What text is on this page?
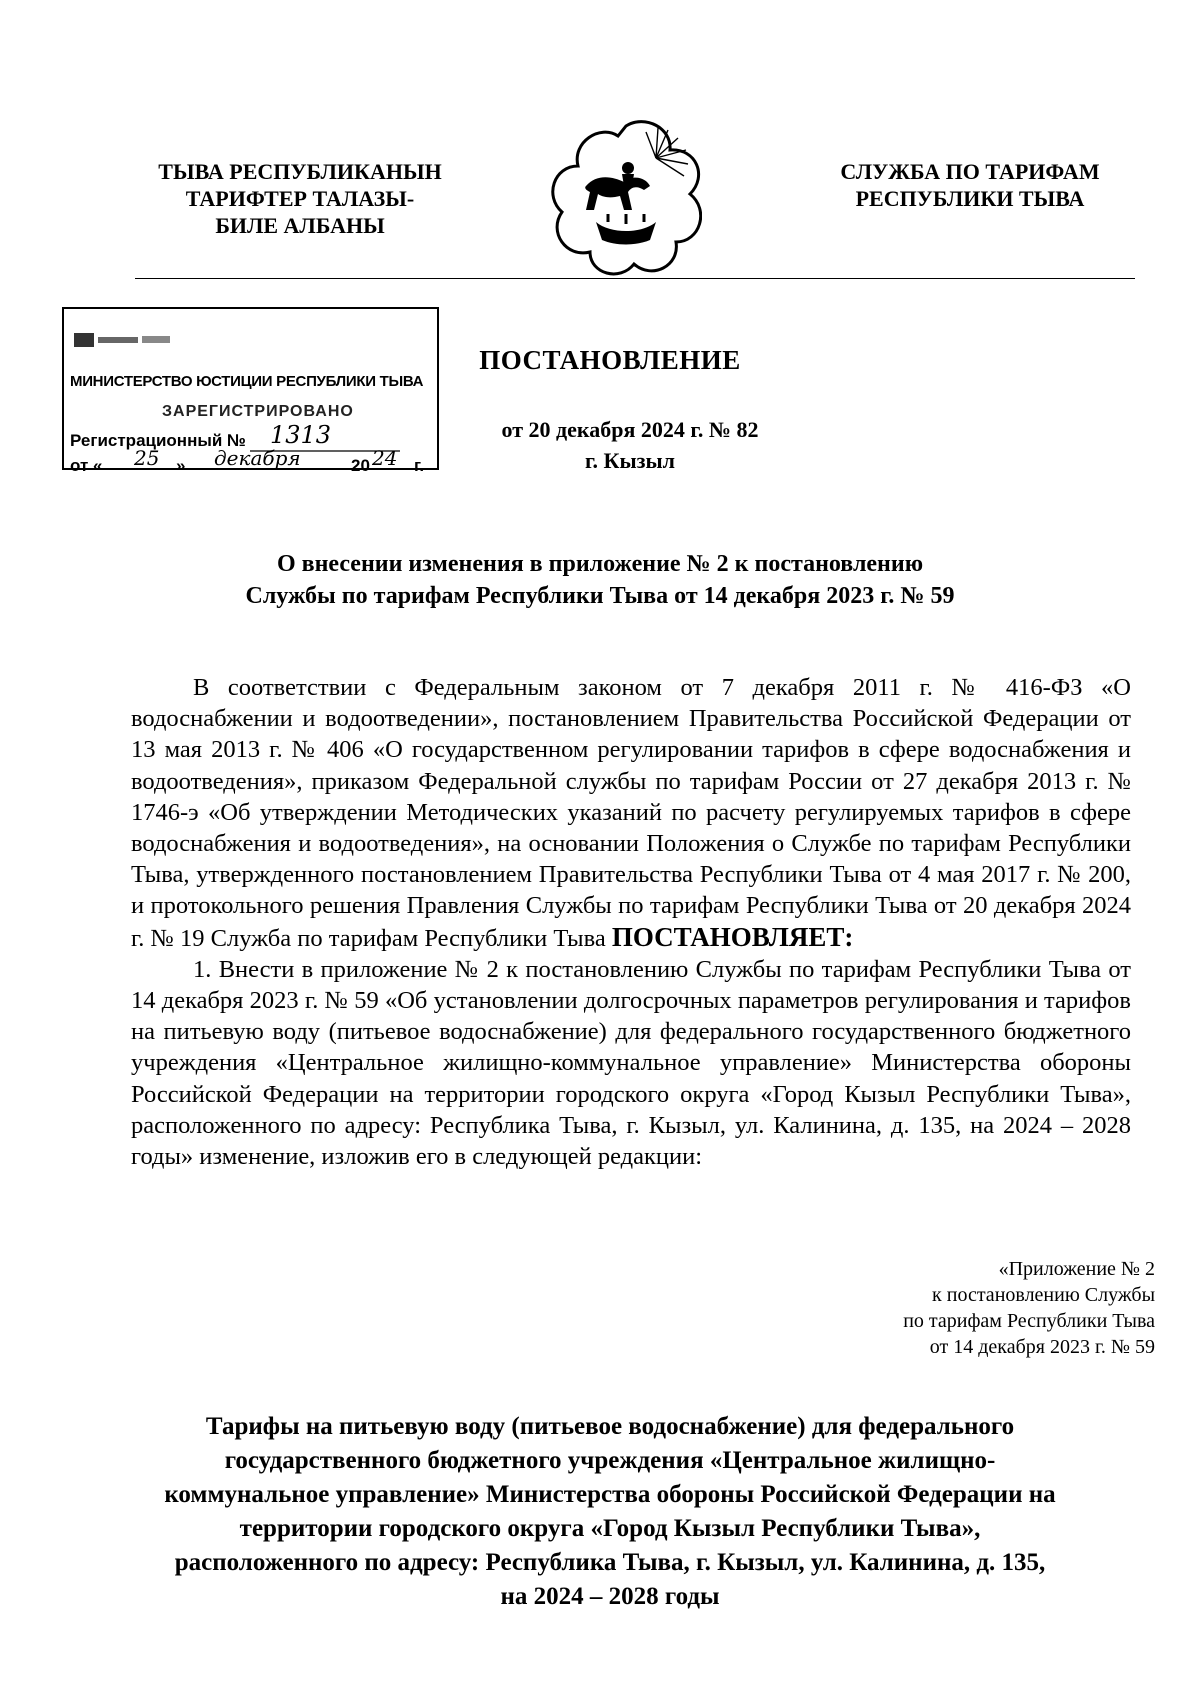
ТЫВА РЕСПУБЛИКАНЫН
ТАРИФТЕР ТАЛАЗЫ-
БИЛЕ АЛБАНЫ
СЛУЖБА ПО ТАРИФАМ
РЕСПУБЛИКИ ТЫВА
МИНИСТЕРСТВО ЮСТИЦИИ РЕСПУБЛИКИ ТЫВА
ЗАРЕГИСТРИРОВАНО
Регистрационный № 1313
от « 25 » декабря	20 24 г.
ПОСТАНОВЛЕНИЕ
от 20 декабря 2024 г. № 82
г. Кызыл
О внесении изменения в приложение № 2 к постановлению
Службы по тарифам Республики Тыва от 14 декабря 2023 г. № 59

В соответствии с Федеральным законом от 7 декабря 2011 г. № 416-ФЗ «О водоснабжении и водоотведении», постановлением Правительства Российской Федерации от 13 мая 2013 г. № 406 «О государственном регулировании тарифов в сфере водоснабжения и водоотведения», приказом Федеральной службы по тарифам России от 27 декабря 2013 г. № 1746-э «Об утверждении Методических указаний по расчету регулируемых тарифов в сфере водоснабжения и водоотведения», на основании Положения о Службе по тарифам Республики Тыва, утвержденного постановлением Правительства Республики Тыва от 4 мая 2017 г. № 200, и протокольного решения Правления Службы по тарифам Республики Тыва от 20 декабря 2024 г. № 19 Служба по тарифам Республики Тыва ПОСТАНОВЛЯЕТ:

1. Внести в приложение № 2 к постановлению Службы по тарифам Республики Тыва от 14 декабря 2023 г. № 59 «Об установлении долгосрочных параметров регулирования и тарифов на питьевую воду (питьевое водоснабжение) для федерального государственного бюджетного учреждения «Центральное жилищно-коммунальное управление» Министерства обороны Российской Федерации на территории городского округа «Город Кызыл Республики Тыва», расположенного по адресу: Республика Тыва, г. Кызыл, ул. Калинина, д. 135, на 2024 – 2028 годы» изменение, изложив его в следующей редакции:

«Приложение № 2
к постановлению Службы
по тарифам Республики Тыва
от 14 декабря 2023 г. № 59
Тарифы на питьевую воду (питьевое водоснабжение) для федерального
государственного бюджетного учреждения «Центральное жилищно-
коммунальное управление» Министерства обороны Российской Федерации на
территории городского округа «Город Кызыл Республики Тыва»,
расположенного по адресу: Республика Тыва, г. Кызыл, ул. Калинина, д. 135,
на 2024 – 2028 годы
